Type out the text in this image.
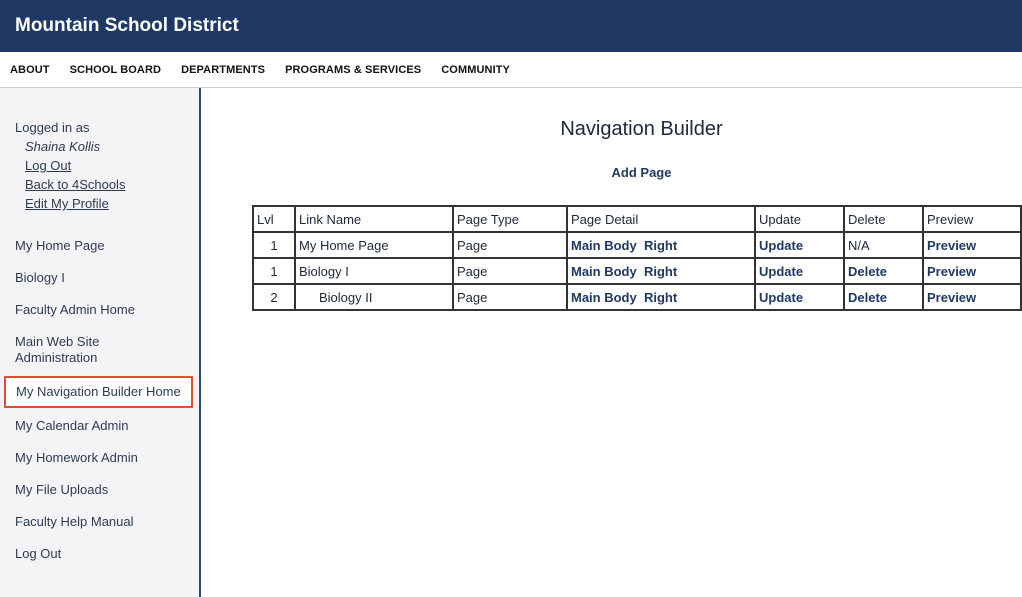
Mountain School District
ABOUT SCHOOL BOARD DEPARTMENTS PROGRAMS & SERVICES COMMUNITY
Logged in as

Shaina Kollis
Log Out
Back to 4Schools
Edit My Profile
My Home Page
Biology I
Faculty Admin Home
Main Web Site Administration
My Navigation Builder Home
My Calendar Admin
My Homework Admin
My File Uploads
Faculty Help Manual
Log Out
Navigation Builder
Add Page
Lvl	Link Name	Page Type	Page Detail	Update	Delete	Preview
1	My Home Page	Page	Main Body Right	Update	N/A	Preview
1	Biology I	Page	Main Body Right	Update	Delete	Preview
2	Biology II	Page	Main Body Right	Update	Delete	Preview
